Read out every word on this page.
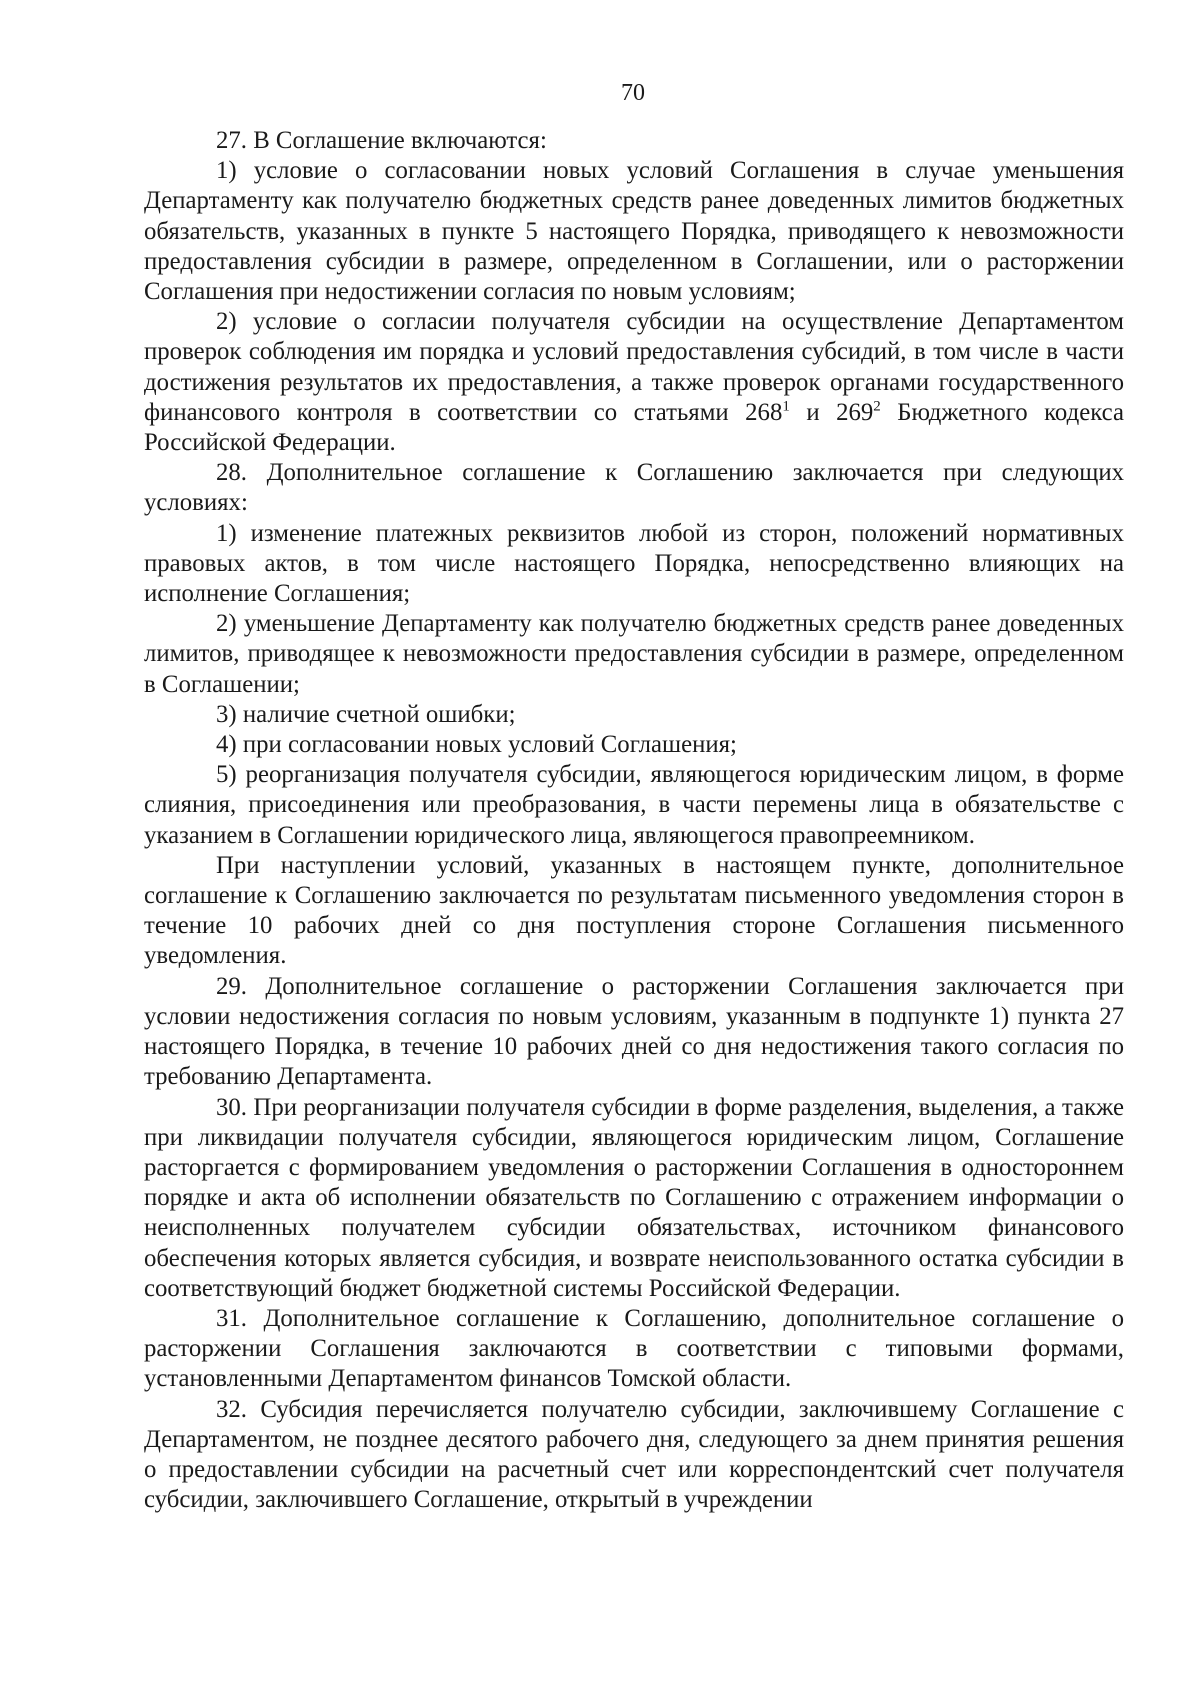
70

27. В Соглашение включаются:

1) условие о согласовании новых условий Соглашения в случае уменьшения Департаменту как получателю бюджетных средств ранее доведенных лимитов бюджетных обязательств, указанных в пункте 5 настоящего Порядка, приводящего к невозможности предоставления субсидии в размере, определенном в Соглашении, или о расторжении Соглашения при недостижении согласия по новым условиям;

2) условие о согласии получателя субсидии на осуществление Департаментом проверок соблюдения им порядка и условий предоставления субсидий, в том числе в части достижения результатов их предоставления, а также проверок органами государственного финансового контроля в соответствии со статьями $268^1$ и $269^2$ Бюджетного кодекса Российской Федерации.

28. Дополнительное соглашение к Соглашению заключается при следующих условиях:

1) изменение платежных реквизитов любой из сторон, положений нормативных правовых актов, в том числе настоящего Порядка, непосредственно влияющих на исполнение Соглашения;

2) уменьшение Департаменту как получателю бюджетных средств ранее доведенных лимитов, приводящее к невозможности предоставления субсидии в размере, определенном в Соглашении;

3) наличие счетной ошибки;

4) при согласовании новых условий Соглашения;

5) реорганизация получателя субсидии, являющегося юридическим лицом, в форме слияния, присоединения или преобразования, в части перемены лица в обязательстве с указанием в Соглашении юридического лица, являющегося правопреемником.

При наступлении условий, указанных в настоящем пункте, дополнительное соглашение к Соглашению заключается по результатам письменного уведомления сторон в течение 10 рабочих дней со дня поступления стороне Соглашения письменного уведомления.

29. Дополнительное соглашение о расторжении Соглашения заключается при условии недостижения согласия по новым условиям, указанным в подпункте 1) пункта 27 настоящего Порядка, в течение 10 рабочих дней со дня недостижения такого согласия по требованию Департамента.

30. При реорганизации получателя субсидии в форме разделения, выделения, а также при ликвидации получателя субсидии, являющегося юридическим лицом, Соглашение расторгается с формированием уведомления о расторжении Соглашения в одностороннем порядке и акта об исполнении обязательств по Соглашению с отражением информации о неисполненных получателем субсидии обязательствах, источником финансового обеспечения которых является субсидия, и возврате неиспользованного остатка субсидии в соответствующий бюджет бюджетной системы Российской Федерации.

31. Дополнительное соглашение к Соглашению, дополнительное соглашение о расторжении Соглашения заключаются в соответствии с типовыми формами, установленными Департаментом финансов Томской области.

32. Субсидия перечисляется получателю субсидии, заключившему Соглашение с Департаментом, не позднее десятого рабочего дня, следующего за днем принятия решения о предоставлении субсидии на расчетный счет или корреспондентский счет получателя субсидии, заключившего Соглашение, открытый в учреждении
